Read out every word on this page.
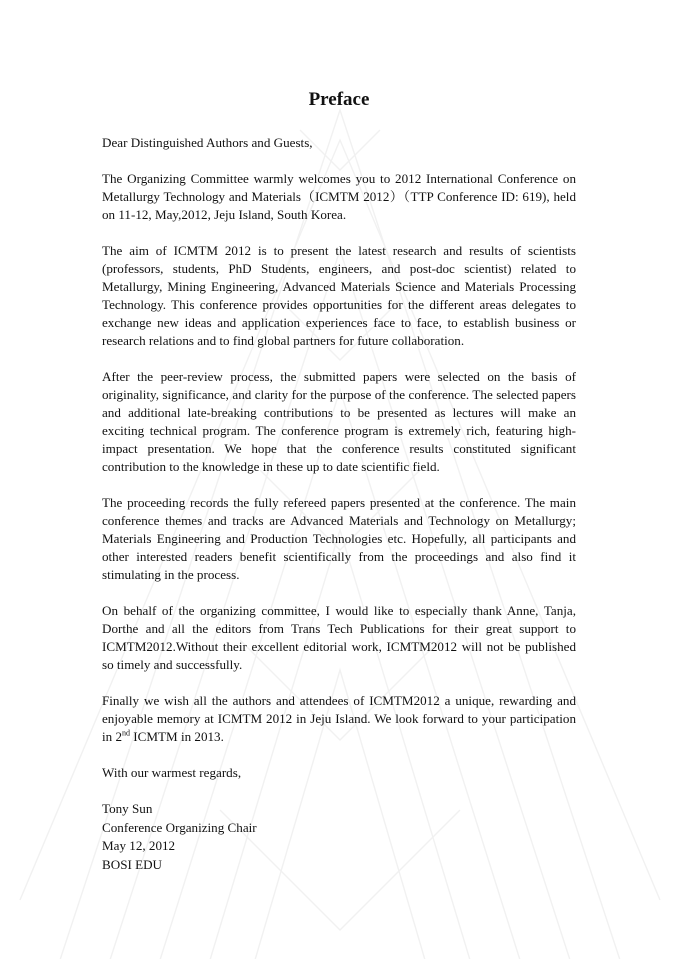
Preface

Dear Distinguished Authors and Guests,

The Organizing Committee warmly welcomes you to 2012 International Conference on Metallurgy Technology and Materials（ICMTM 2012）（TTP Conference ID: 619), held on 11-12, May,2012, Jeju Island, South Korea.

The aim of ICMTM 2012 is to present the latest research and results of scientists (professors, students, PhD Students, engineers, and post-doc scientist) related to Metallurgy, Mining Engineering, Advanced Materials Science and Materials Processing Technology. This conference provides opportunities for the different areas delegates to exchange new ideas and application experiences face to face, to establish business or research relations and to find global partners for future collaboration.

After the peer-review process, the submitted papers were selected on the basis of originality, significance, and clarity for the purpose of the conference. The selected papers and additional late-breaking contributions to be presented as lectures will make an exciting technical program. The conference program is extremely rich, featuring high-impact presentation. We hope that the conference results constituted significant contribution to the knowledge in these up to date scientific field.

The proceeding records the fully refereed papers presented at the conference. The main conference themes and tracks are Advanced Materials and Technology on Metallurgy; Materials Engineering and Production Technologies etc. Hopefully, all participants and other interested readers benefit scientifically from the proceedings and also find it stimulating in the process.

On behalf of the organizing committee, I would like to especially thank Anne, Tanja, Dorthe and all the editors from Trans Tech Publications for their great support to ICMTM2012.Without their excellent editorial work, ICMTM2012 will not be published so timely and successfully.

Finally we wish all the authors and attendees of ICMTM2012 a unique, rewarding and enjoyable memory at ICMTM 2012 in Jeju Island. We look forward to your participation in 2nd ICMTM in 2013.

With our warmest regards,

Tony Sun
Conference Organizing Chair
May 12, 2012
BOSI EDU
